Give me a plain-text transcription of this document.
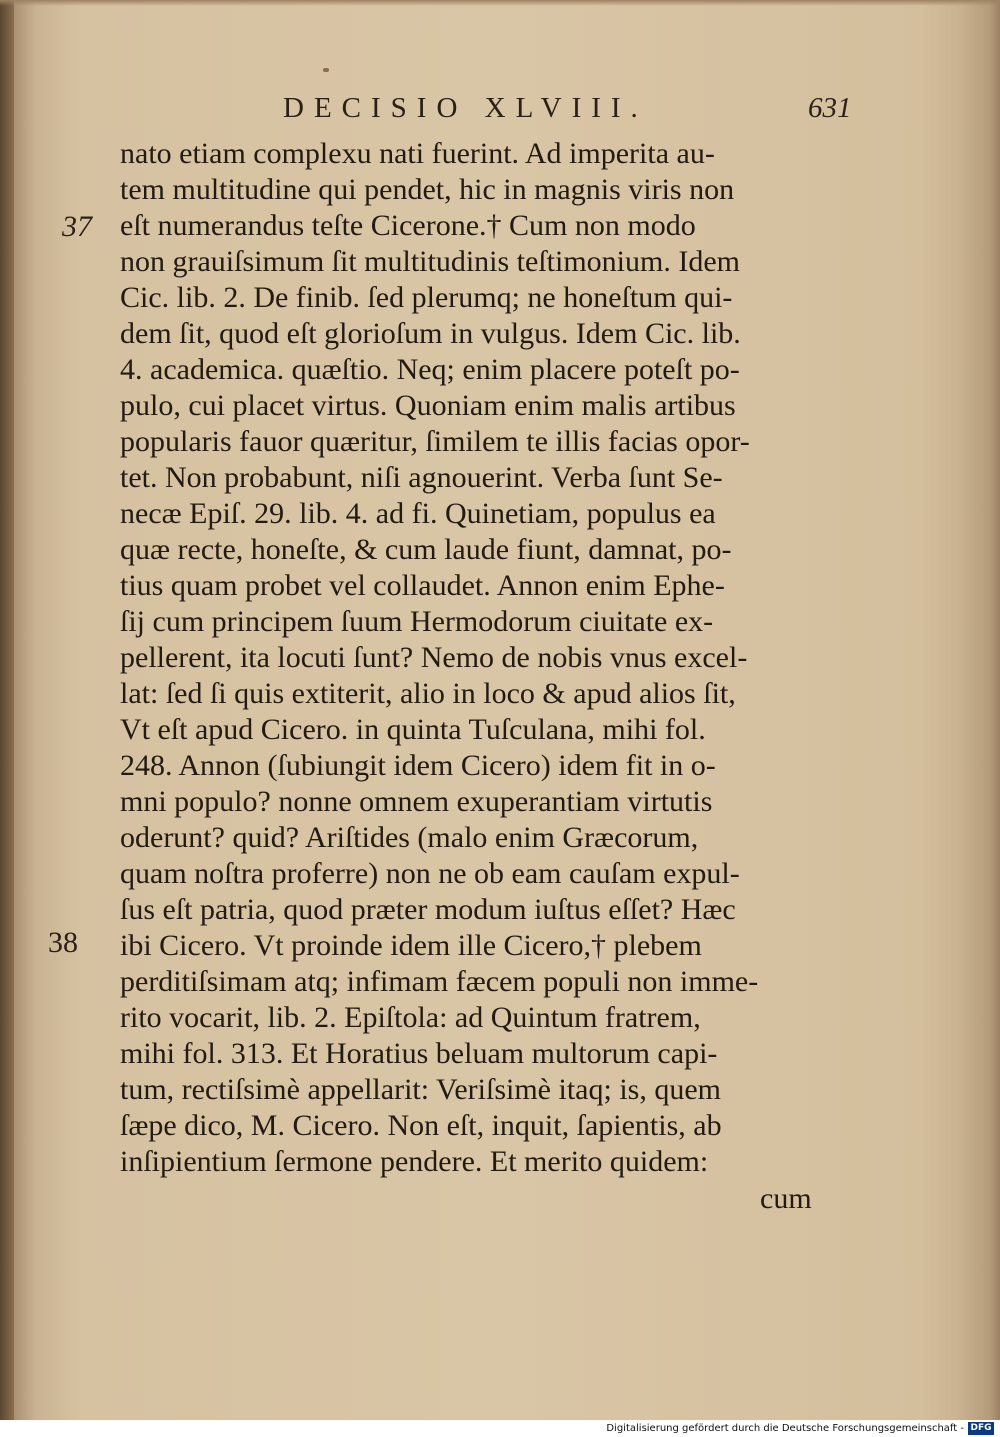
DECISIO XLVIII.	631
37
38
nato etiam complexu nati fuerint. Ad imperita au-
tem multitudine qui pendet, hic in magnis viris non
eſt numerandus teſte Cicerone.† Cum non modo
non grauiſsimum ſit multitudinis teſtimonium. Idem
Cic. lib. 2. De finib. ſed plerumq; ne honeſtum qui-
dem ſit, quod eſt glorioſum in vulgus. Idem Cic. lib.
4. academica. quæſtio. Neq; enim placere poteſt po-
pulo, cui placet virtus. Quoniam enim malis artibus
popularis fauor quæritur, ſimilem te illis facias opor-
tet. Non probabunt, niſi agnouerint. Verba ſunt Se-
necæ Epiſ. 29. lib. 4. ad fi. Quinetiam, populus ea
quæ recte, honeſte, & cum laude fiunt, damnat, po-
tius quam probet vel collaudet. Annon enim Ephe-
ſij cum principem ſuum Hermodorum ciuitate ex-
pellerent, ita locuti ſunt? Nemo de nobis vnus excel-
lat: ſed ſi quis extiterit, alio in loco & apud alios ſit,
Vt eſt apud Cicero. in quinta Tuſculana, mihi fol.
248. Annon (ſubiungit idem Cicero) idem fit in o-
mni populo? nonne omnem exuperantiam virtutis
oderunt? quid? Ariſtides (malo enim Græcorum,
quam noſtra proferre) non ne ob eam cauſam expul-
ſus eſt patria, quod præter modum iuſtus eſſet? Hæc
ibi Cicero. Vt proinde idem ille Cicero,† plebem
perditiſsimam atq; infimam fæcem populi non imme-
rito vocarit, lib. 2. Epiſtola: ad Quintum fratrem,
mihi fol. 313. Et Horatius beluam multorum capi-
tum, rectiſsimè appellarit: Veriſsimè itaq; is, quem
ſæpe dico, M. Cicero. Non eſt, inquit, ſapientis, ab
inſipientium ſermone pendere. Et merito quidem:
cum
Digitalisierung gefördert durch die Deutsche Forschungsgemeinschaft - DFG
